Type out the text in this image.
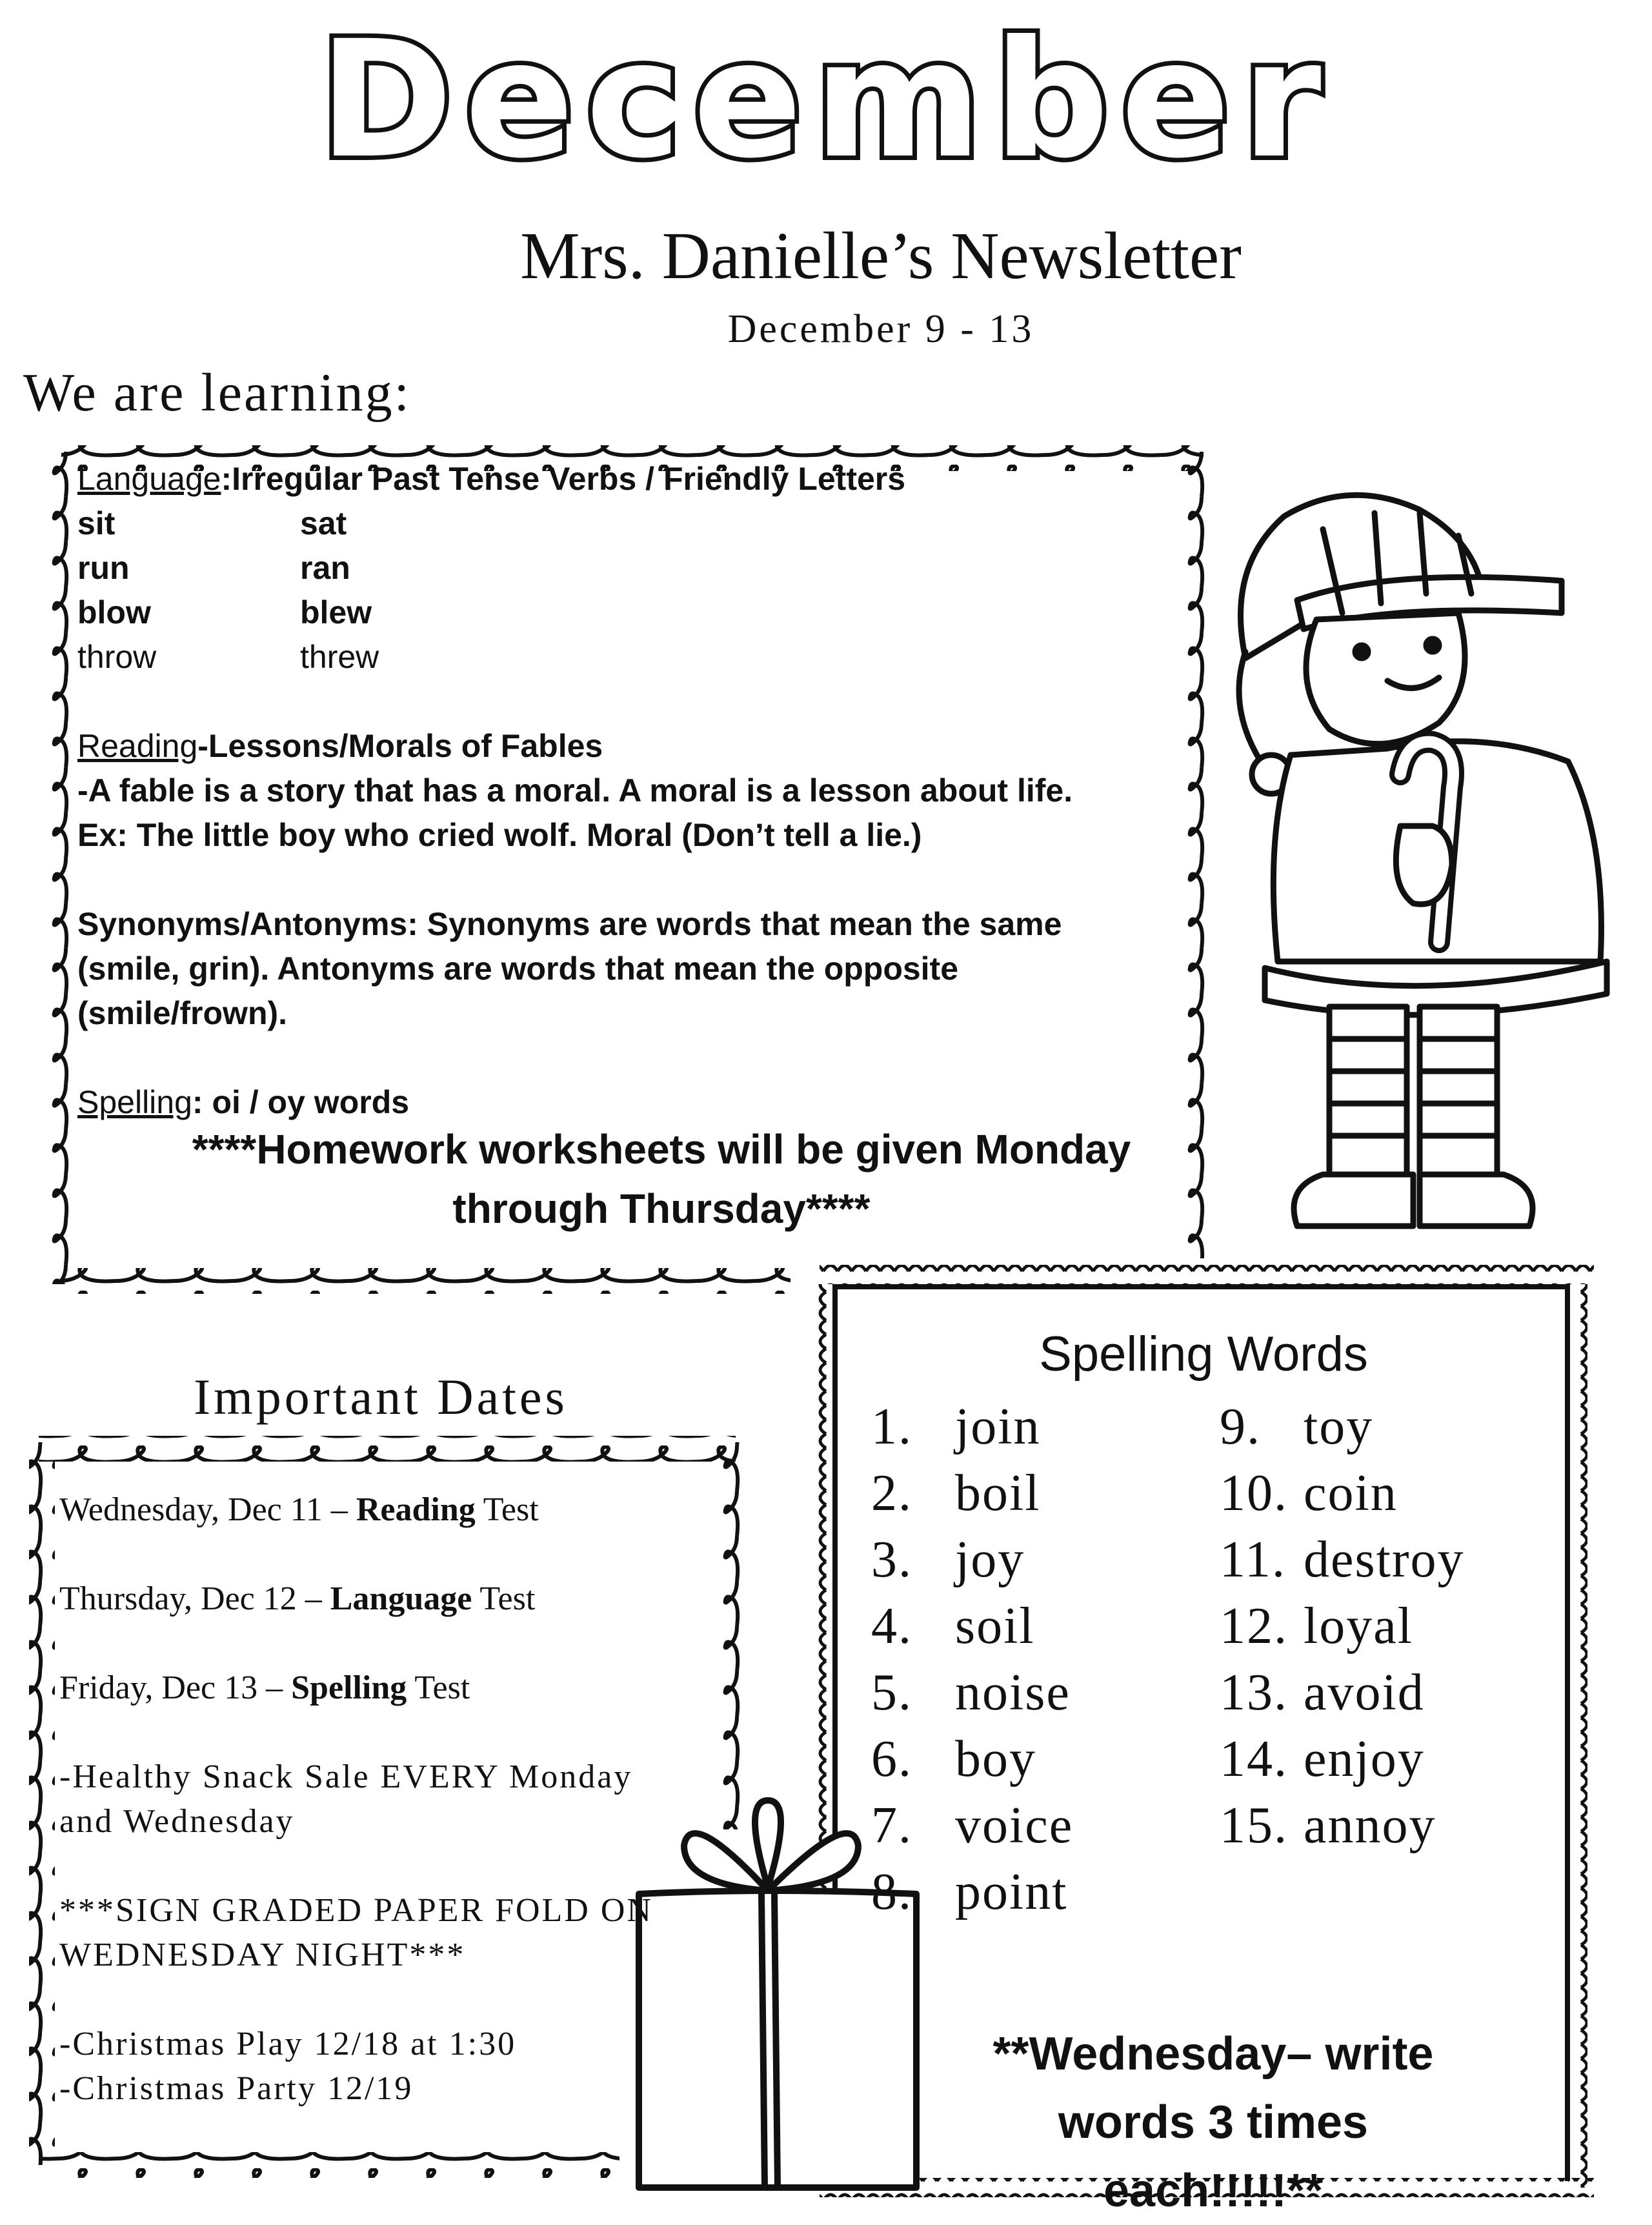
December
Mrs. Danielle’s Newsletter
December 9 - 13
We are learning:
Language:Irregular Past Tense Verbs / Friendly Letters
sit	sat
run	ran
blow	blew
throw	threw
Reading-Lessons/Morals of Fables
-A fable is a story that has a moral. A moral is a lesson about life.
Ex: The little boy who cried wolf. Moral (Don’t tell a lie.)
Synonyms/Antonyms: Synonyms are words that mean the same
(smile, grin). Antonyms are words that mean the opposite
(smile/frown).
Spelling: oi / oy words
****Homework worksheets will be given Monday
through Thursday****
Important Dates
Wednesday, Dec 11 – Reading Test
Thursday, Dec 12 – Language Test
Friday, Dec 13 – Spelling Test
-Healthy Snack Sale EVERY Monday
and Wednesday
***SIGN GRADED PAPER FOLD ON
WEDNESDAY NIGHT***
-Christmas Play 12/18 at 1:30
-Christmas Party 12/19
Spelling Words
1. join
2. boil
3. joy
4. soil
5. noise
6. boy
7. voice
8. point
9. toy
10. coin
11. destroy
12. loyal
13. avoid
14. enjoy
15. annoy
**Wednesday– write
words 3 times
each!!!!!**
